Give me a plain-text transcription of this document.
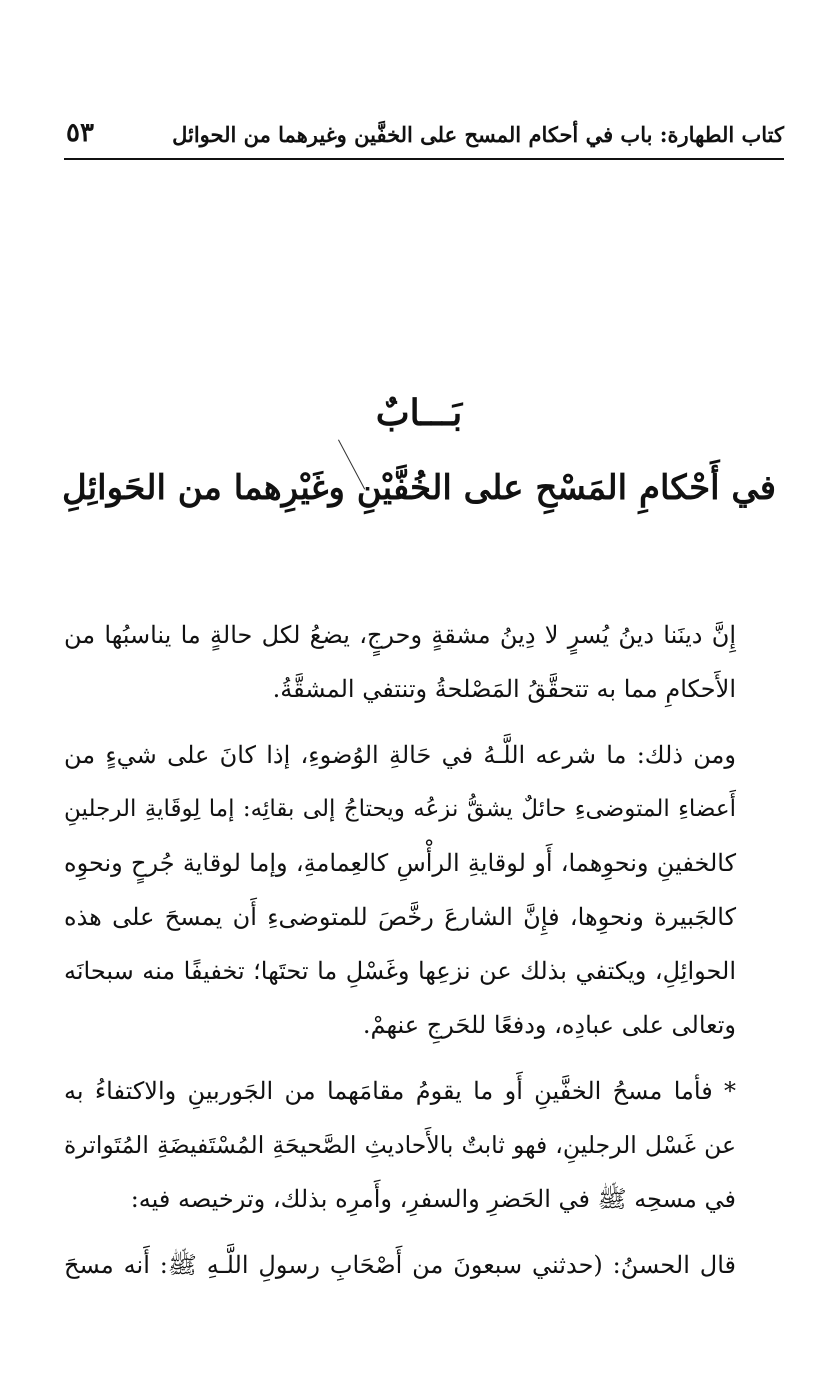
كتاب الطهارة: باب في أحكام المسح على الخفَّين وغيرهما من الحوائل
٥٣
بَـــابٌ
في أَحْكامِ المَسْحِ على الخُفَّيْنِ وغَيْرِهما من الحَوائِلِ

إِنَّ دينَنا دينُ يُسرٍ لا دِينُ مشقةٍ وحرجٍ، يضعُ لكل حالةٍ ما يناسبُها من
الأَحكامِ مما به تتحقَّقُ المَصْلحةُ وتنتفي المشقَّةُ.

ومن ذلك: ما شرعه اللَّـهُ في حَالةِ الوُضوءِ، إذا كانَ على شيءٍ من
أَعضاءِ المتوضىءِ حائلٌ يشقُّ نزعُه ويحتاجُ إلى بقائِه: إما لِوقَايةِ الرجلينِ
كالخفينِ ونحوِهما، أَو لوقايةِ الرأْسِ كالعِمامةِ، وإما لوقاية جُرحٍ ونحوِه
كالجَبيرة ونحوِها، فإِنَّ الشارعَ رخَّصَ للمتوضىءِ أَن يمسحَ على هذه
الحوائِلِ، ويكتفي بذلك عن نزعِها وغَسْلِ ما تحتَها؛ تخفيفًا منه سبحانَه
وتعالى على عبادِه، ودفعًا للحَرجِ عنهمْ.

* فأما مسحُ الخفَّينِ أَو ما يقومُ مقامَهما من الجَوربينِ والاكتفاءُ به
عن غَسْل الرجلينِ، فهو ثابتٌ بالأَحاديثِ الصَّحيحَةِ المُسْتَفيضَةِ المُتَواترة
في مسحِه ﷺ في الحَضرِ والسفرِ، وأَمرِه بذلك، وترخيصه فيه:

قال الحسنُ: (حدثني سبعونَ من أَصْحَابِ رسولِ اللَّـهِ ﷺ: أَنه مسحَ
